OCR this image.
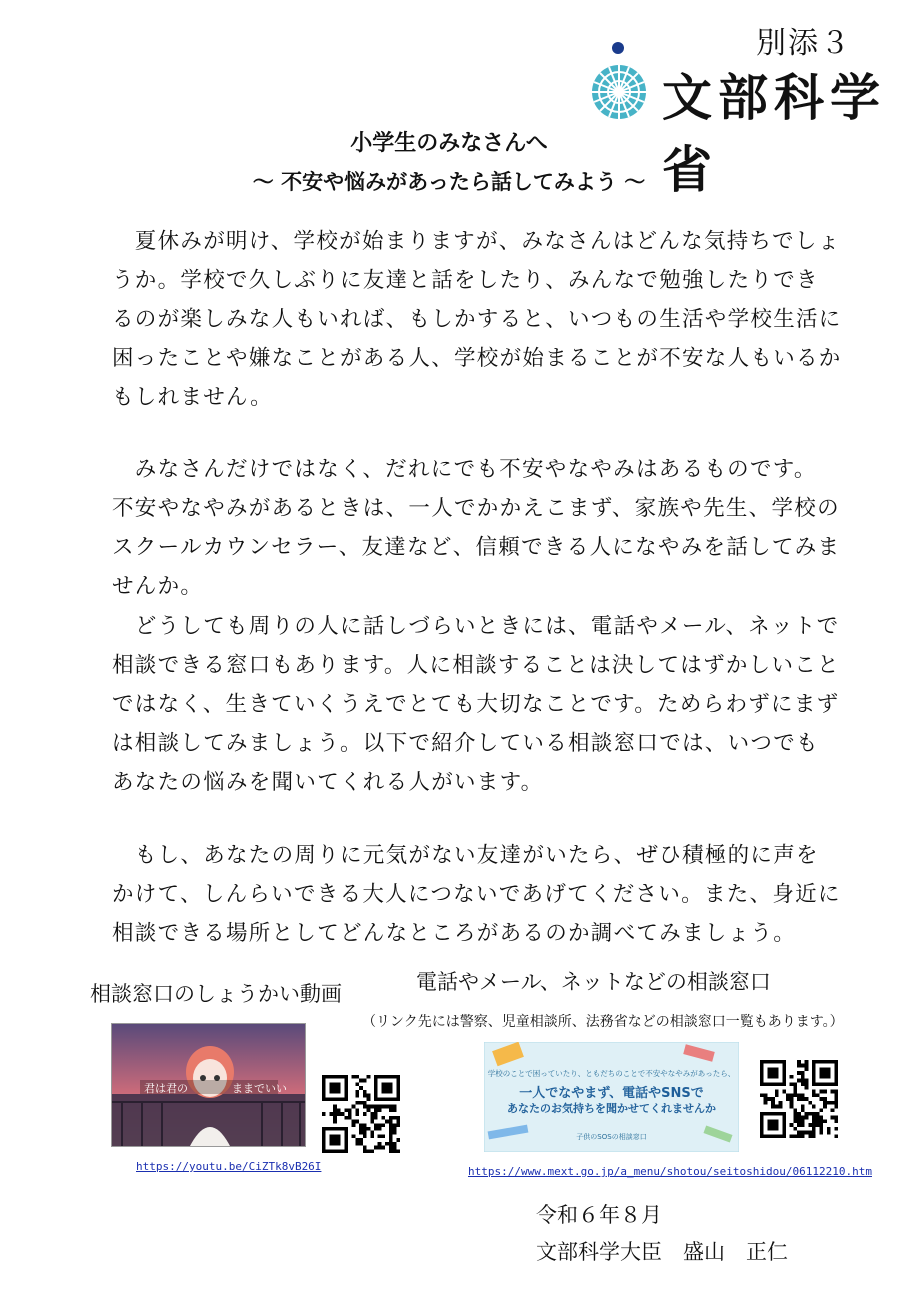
別添３
文部科学省
小学生のみなさんへ
〜 不安や悩みがあったら話してみよう 〜
　夏休みが明け、学校が始まりますが、みなさんはどんな気持ちでしょ
うか。学校で久しぶりに友達と話をしたり、みんなで勉強したりでき
るのが楽しみな人もいれば、もしかすると、いつもの生活や学校生活に
困ったことや嫌なことがある人、学校が始まることが不安な人もいるか
もしれません。
　みなさんだけではなく、だれにでも不安やなやみはあるものです。
不安やなやみがあるときは、一人でかかえこまず、家族や先生、学校の
スクールカウンセラー、友達など、信頼できる人になやみを話してみま
せんか。
　どうしても周りの人に話しづらいときには、電話やメール、ネットで
相談できる窓口もあります。人に相談することは決してはずかしいこと
ではなく、生きていくうえでとても大切なことです。ためらわずにまず
は相談してみましょう。以下で紹介している相談窓口では、いつでも
あなたの悩みを聞いてくれる人がいます。
　もし、あなたの周りに元気がない友達がいたら、ぜひ積極的に声を
かけて、しんらいできる大人につないであげてください。また、身近に
相談できる場所としてどんなところがあるのか調べてみましょう。
相談窓口のしょうかい動画	電話やメール、ネットなどの相談窓口
（リンク先には警察、児童相談所、法務省などの相談窓口一覧もあります。）
君は君の	ままでいい
学校のことで困っていたり、ともだちのことで不安やなやみがあったら、
一人でなやまず、電話やSNSで
あなたのお気持ちを聞かせてくれませんか
子供のSOSの相談窓口
https://youtu.be/CiZTk8vB26I	https://www.mext.go.jp/a_menu/shotou/seitoshidou/06112210.htm
令和６年８月
文部科学大臣　盛山　正仁
